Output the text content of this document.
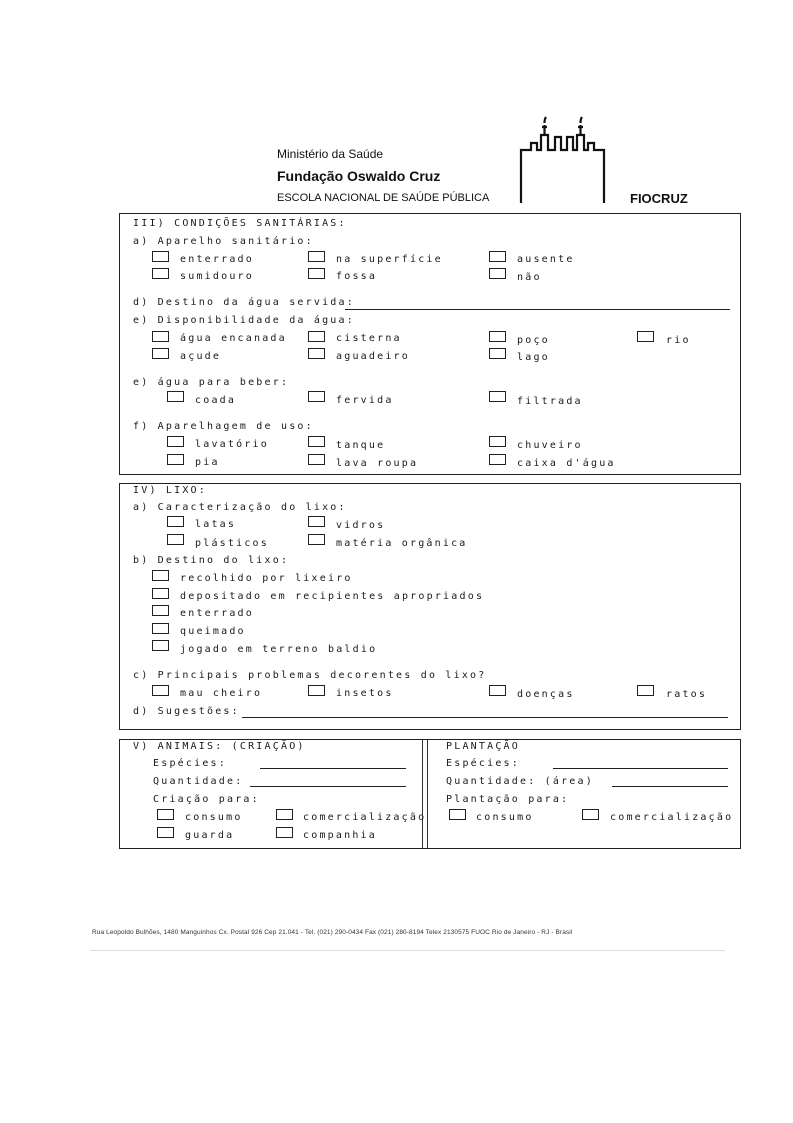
Ministério da Saúde
Fundação Oswaldo Cruz
ESCOLA NACIONAL DE SAÚDE PÚBLICA	FIOCRUZ
III) CONDIÇÕES SANITÁRIAS:
a) Aparelho sanitário:
enterrado	na superfície	ausente
sumidouro	fossa	não
d) Destino da água servida:
e) Disponibilidade da água:
água encanada	cisterna	poço	rio
açude	aguadeiro	lago
e) água para beber:
coada	fervida	filtrada
f) Aparelhagem de uso:
lavatório	tanque	chuveiro
pia	lava roupa	caixa d'água
IV) LIXO:
a) Caracterização do lixo:
latas	vidros
plásticos	matéria orgânica
b) Destino do lixo:
recolhido por lixeiro
depositado em recipientes apropriados
enterrado
queimado
jogado em terreno baldio
c) Principais problemas decorentes do lixo?
mau cheiro	insetos	doenças	ratos
d) Sugestões:
V) ANIMAIS: (CRIAÇÃO)
Espécies:
Quantidade:
Criação para:
consumo	comercialização
guarda	companhia
PLANTAÇÃO
Espécies:
Quantidade: (área)
Plantação para:
consumo	comercialização
Rua Leopoldo Bulhões, 1480 Manguinhos Cx. Postal 926 Cep 21.041 - Tel. (021) 290-0434 Fax (021) 280-8194 Telex 2130575 FUOC Rio de Janeiro - RJ - Brasil
